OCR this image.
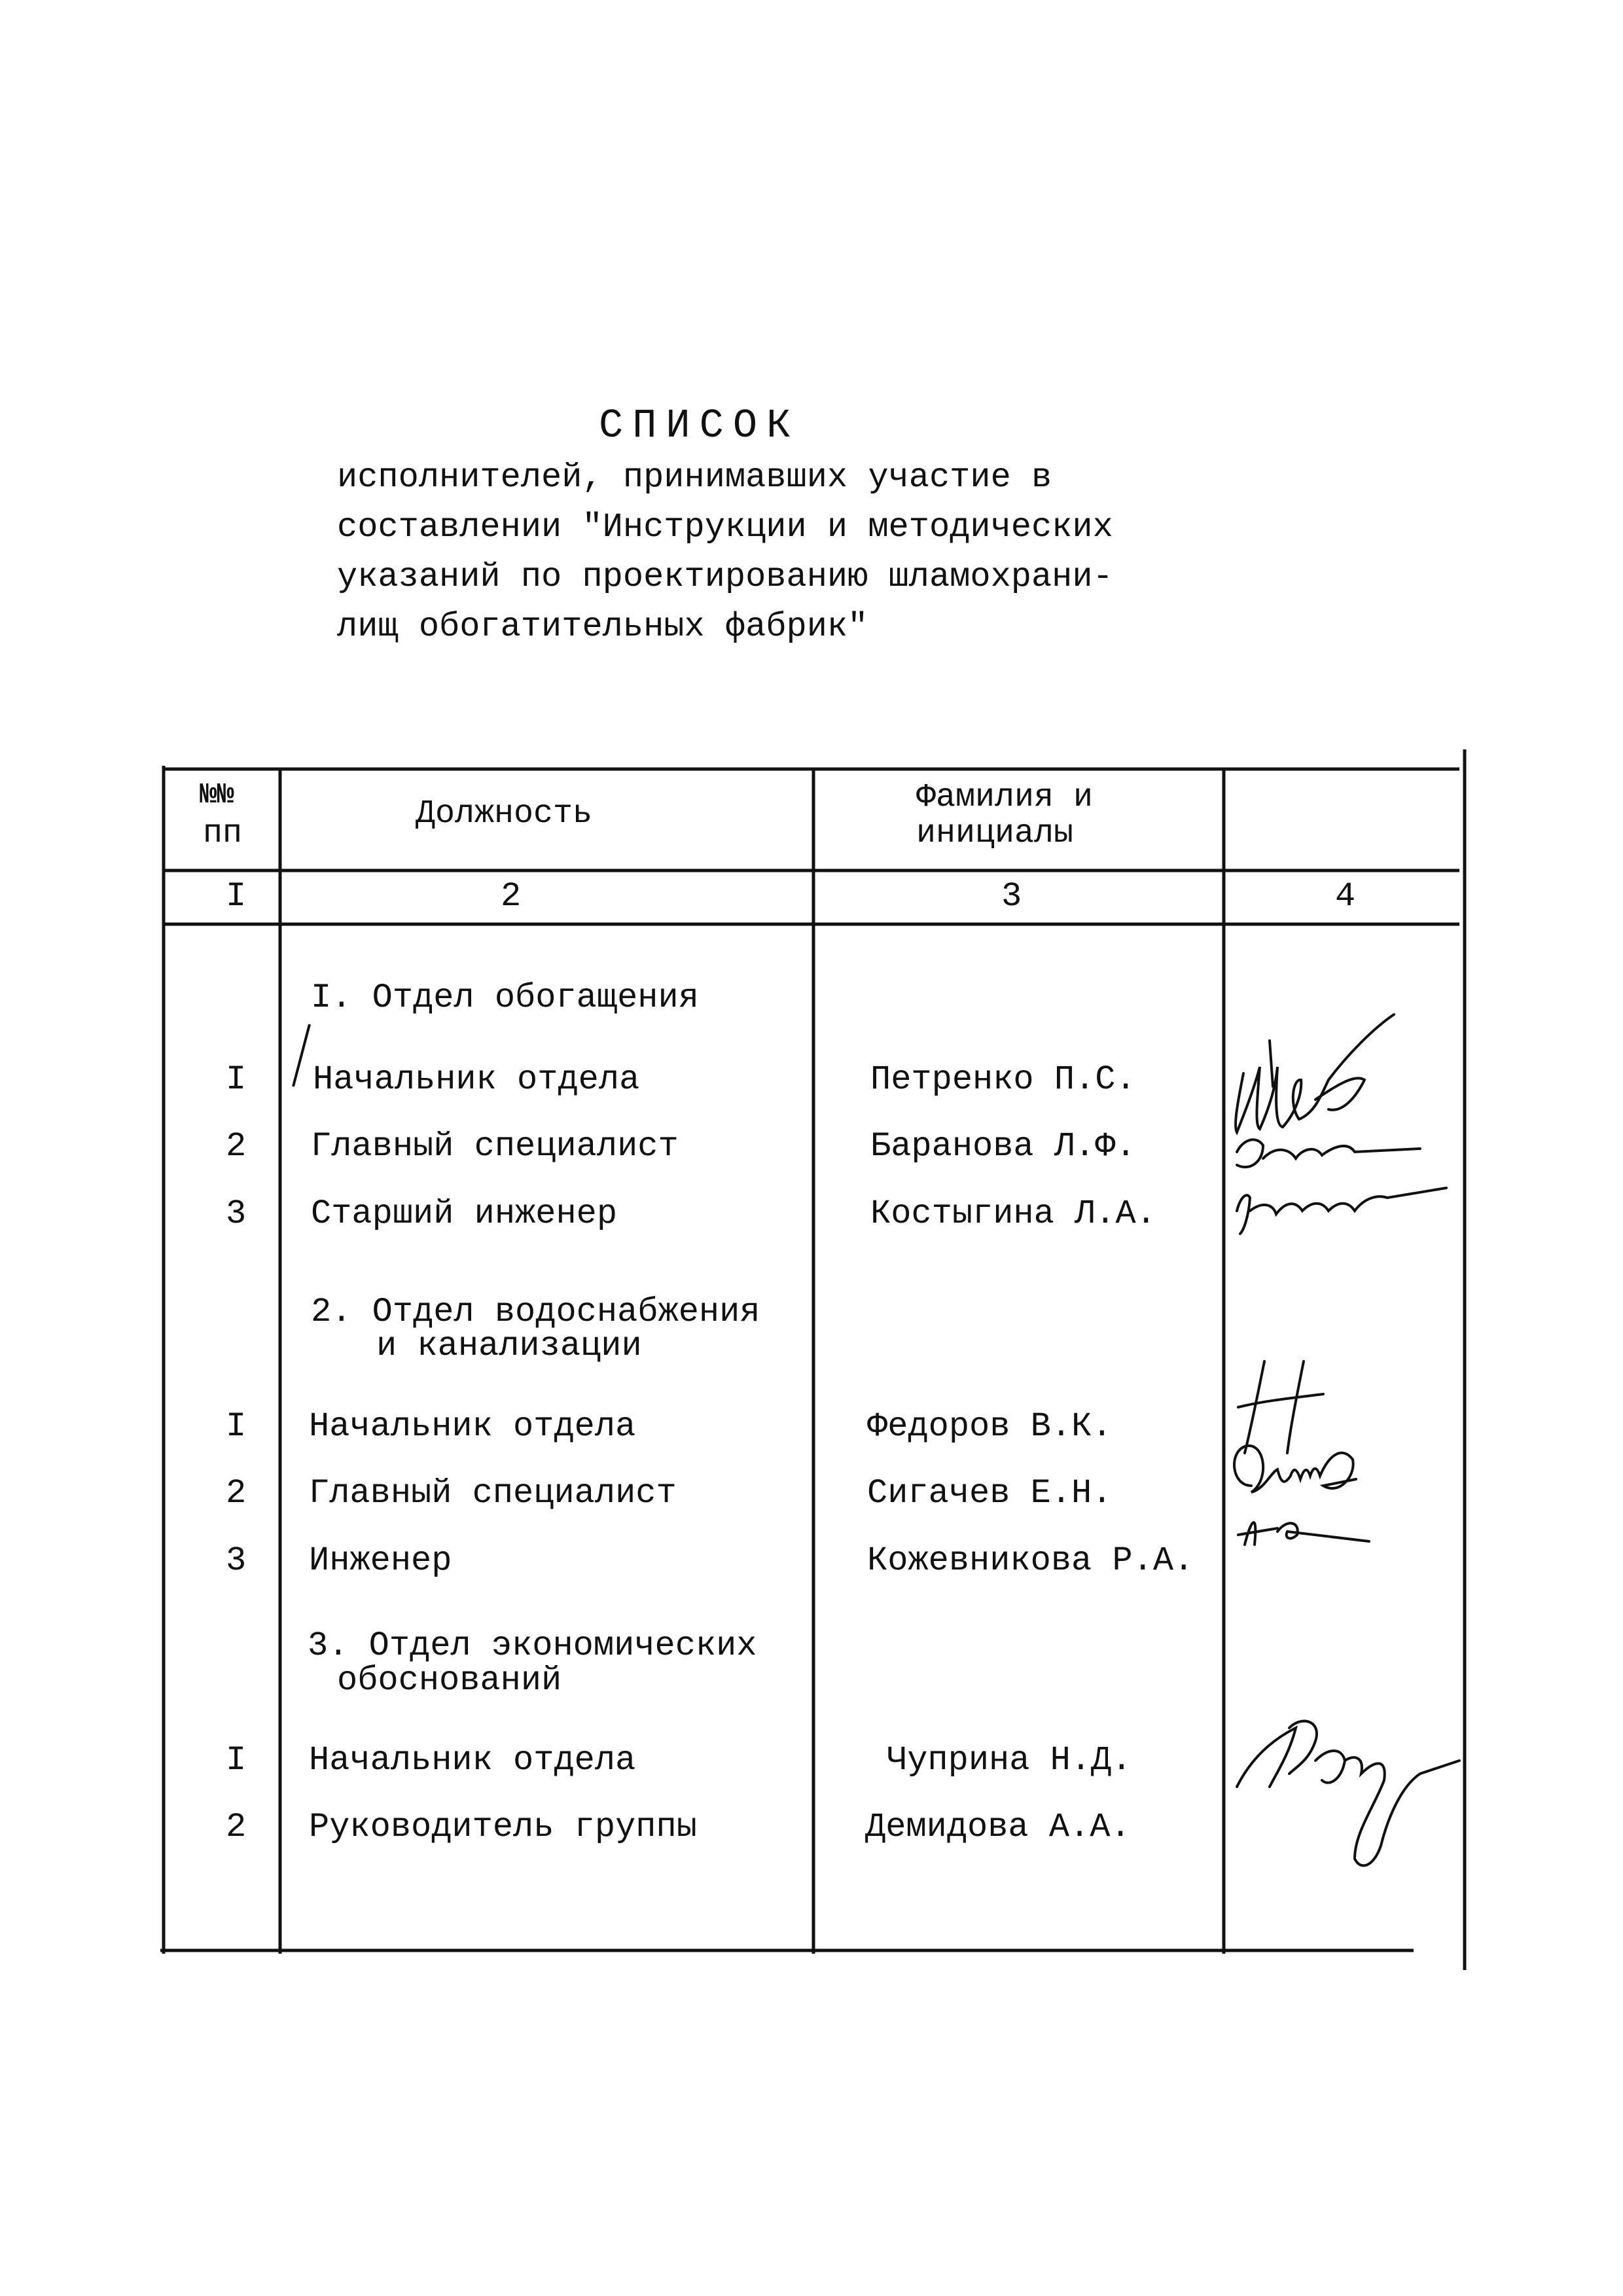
СПИСОК
исполнителей, принимавших участие в
составлении "Инструкции и методических
указаний по проектированию шламохрани-
лищ обогатительных фабрик"
№№
пп
Должность	Фамилия и
инициалы
I	2	3	4
I. Отдел обогащения
I Начальник отдела	Петренко П.С.
2 Главный специалист	Баранова Л.Ф.
3 Старший инженер	Костыгина Л.А.
2. Отдел водоснабжения
и канализации
I Начальник отдела	Федоров В.К.
2 Главный специалист	Сигачев Е.Н.
3 Инженер	Кожевникова Р.А.
3. Отдел экономических
обоснований
I Начальник отдела	Чуприна Н.Д.
2 Руководитель группы	Демидова А.А.
